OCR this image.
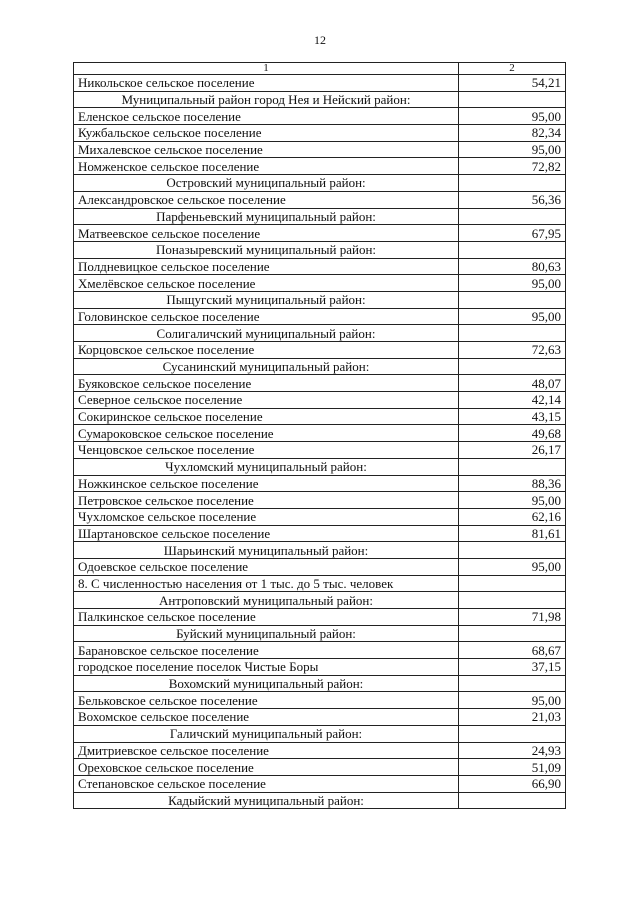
12
1	2
Никольское сельское поселение	54,21
Муниципальный район город Нея и Нейский район:	
Еленское сельское поселение	95,00
Кужбальское сельское поселение	82,34
Михалевское сельское поселение	95,00
Номженское сельское поселение	72,82
Островский муниципальный район:	
Александровское сельское поселение	56,36
Парфеньевский муниципальный район:	
Матвеевское сельское поселение	67,95
Поназыревский муниципальный район:	
Полдневицкое сельское поселение	80,63
Хмелёвское сельское поселение	95,00
Пыщугский муниципальный район:	
Головинское сельское поселение	95,00
Солигаличский муниципальный район:	
Корцовское сельское поселение	72,63
Сусанинский муниципальный район:	
Буяковское сельское поселение	48,07
Северное сельское поселение	42,14
Сокиринское сельское поселение	43,15
Сумароковское сельское поселение	49,68
Ченцовское сельское поселение	26,17
Чухломский муниципальный район:	
Ножкинское сельское поселение	88,36
Петровское сельское поселение	95,00
Чухломское сельское поселение	62,16
Шартановское сельское поселение	81,61
Шарьинский муниципальный район:	
Одоевское сельское поселение	95,00
8. С численностью населения от 1 тыс. до 5 тыс. человек	
Антроповский муниципальный район:	
Палкинское сельское поселение	71,98
Буйский муниципальный район:	
Барановское сельское поселение	68,67
городское поселение поселок Чистые Боры	37,15
Вохомский муниципальный район:	
Бельковское сельское поселение	95,00
Вохомское сельское поселение	21,03
Галичский муниципальный район:	
Дмитриевское сельское поселение	24,93
Ореховское сельское поселение	51,09
Степановское сельское поселение	66,90
Кадыйский муниципальный район:	
